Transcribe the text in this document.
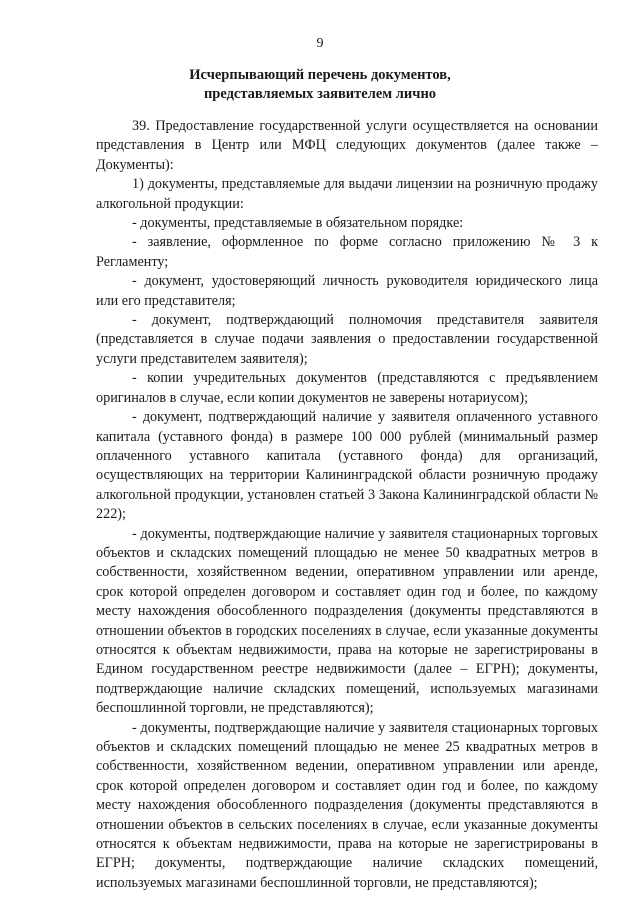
9
Исчерпывающий перечень документов,
представляемых заявителем лично

39. Предоставление государственной услуги осуществляется на основании представления в Центр или МФЦ следующих документов (далее также – Документы):

1) документы, представляемые для выдачи лицензии на розничную продажу алкогольной продукции:

- документы, представляемые в обязательном порядке:

- заявление, оформленное по форме согласно приложению № 3 к Регламенту;

- документ, удостоверяющий личность руководителя юридического лица или его представителя;

- документ, подтверждающий полномочия представителя заявителя (представляется в случае подачи заявления о предоставлении государственной услуги представителем заявителя);

- копии учредительных документов (представляются с предъявлением оригиналов в случае, если копии документов не заверены нотариусом);

- документ, подтверждающий наличие у заявителя оплаченного уставного капитала (уставного фонда) в размере 100 000 рублей (минимальный размер оплаченного уставного капитала (уставного фонда) для организаций, осуществляющих на территории Калининградской области розничную продажу алкогольной продукции, установлен статьей 3 Закона Калининградской области № 222);

- документы, подтверждающие наличие у заявителя стационарных торговых объектов и складских помещений площадью не менее 50 квадратных метров в собственности, хозяйственном ведении, оперативном управлении или аренде, срок которой определен договором и составляет один год и более, по каждому месту нахождения обособленного подразделения (документы представляются в отношении объектов в городских поселениях в случае, если указанные документы относятся к объектам недвижимости, права на которые не зарегистрированы в Едином государственном реестре недвижимости (далее – ЕГРН); документы, подтверждающие наличие складских помещений, используемых магазинами беспошлинной торговли, не представляются);

- документы, подтверждающие наличие у заявителя стационарных торговых объектов и складских помещений площадью не менее 25 квадратных метров в собственности, хозяйственном ведении, оперативном управлении или аренде, срок которой определен договором и составляет один год и более, по каждому месту нахождения обособленного подразделения (документы представляются в отношении объектов в сельских поселениях в случае, если указанные документы относятся к объектам недвижимости, права на которые не зарегистрированы в ЕГРН; документы, подтверждающие наличие складских помещений, используемых магазинами беспошлинной торговли, не представляются);
